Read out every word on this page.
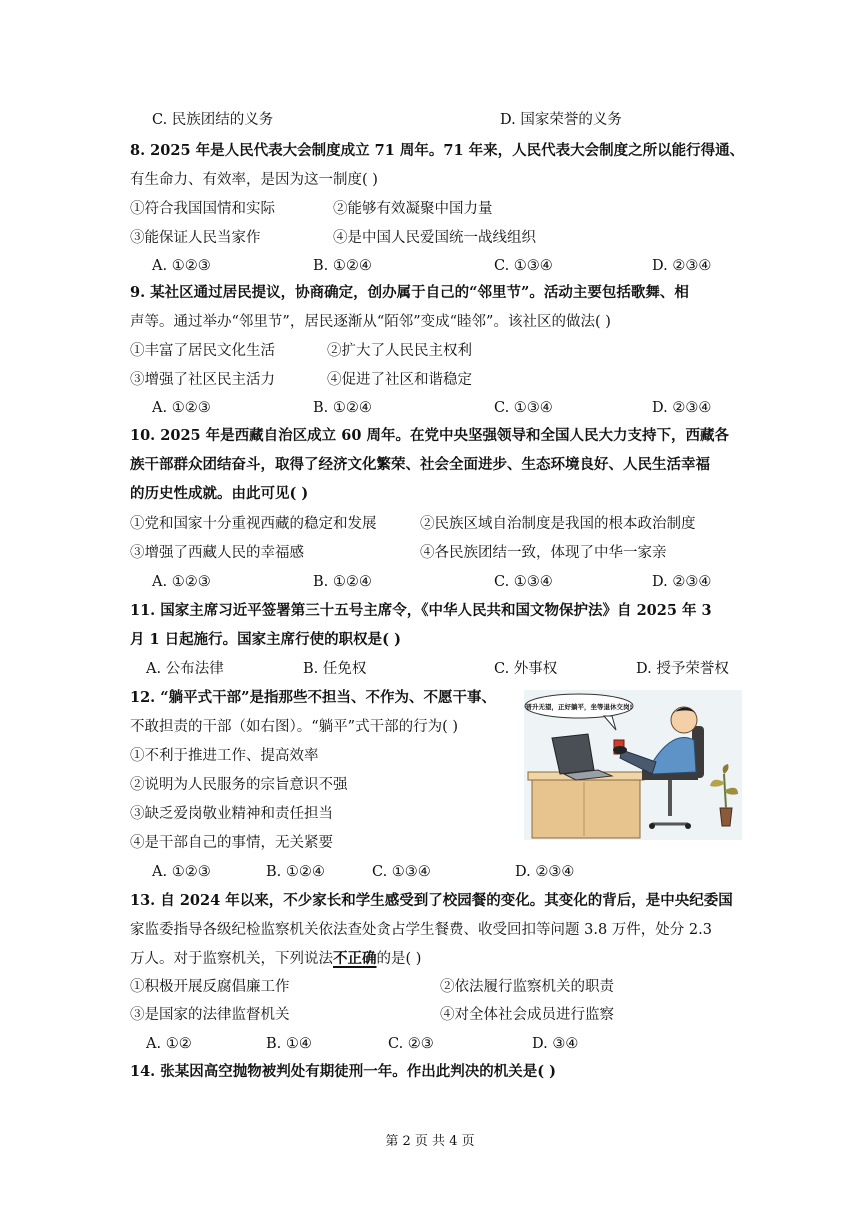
C. 民族团结的义务	D. 国家荣誉的义务
8. 2025 年是人民代表大会制度成立 71 周年。71 年来，人民代表大会制度之所以能行得通、
有生命力、有效率，是因为这一制度( )
①符合我国国情和实际	②能够有效凝聚中国力量
③能保证人民当家作	④是中国人民爱国统一战线组织
A. ①②③	B. ①②④	C. ①③④	D. ②③④
9. 某社区通过居民提议，协商确定，创办属于自己的“邻里节”。活动主要包括歌舞、相
声等。通过举办“邻里节”，居民逐渐从“陌邻”变成“睦邻”。该社区的做法( )
①丰富了居民文化生活	②扩大了人民民主权利
③增强了社区民主活力	④促进了社区和谐稳定
A. ①②③	B. ①②④	C. ①③④	D. ②③④
10. 2025 年是西藏自治区成立 60 周年。在党中央坚强领导和全国人民大力支持下，西藏各
族干部群众团结奋斗，取得了经济文化繁荣、社会全面进步、生态环境良好、人民生活幸福
的历史性成就。由此可见( )
①党和国家十分重视西藏的稳定和发展	②民族区域自治制度是我国的根本政治制度
③增强了西藏人民的幸福感	④各民族团结一致，体现了中华一家亲
A. ①②③	B. ①②④	C. ①③④	D. ②③④
11. 国家主席习近平签署第三十五号主席令，《中华人民共和国文物保护法》自 2025 年 3
月 1 日起施行。国家主席行使的职权是( )
A. 公布法律	B. 任免权	C. 外事权	D. 授予荣誉权
12. “躺平式干部”是指那些不担当、不作为、不愿干事、
不敢担责的干部（如右图）。“躺平”式干部的行为( )
①不利于推进工作、提高效率
②说明为人民服务的宗旨意识不强
③缺乏爱岗敬业精神和责任担当
④是干部自己的事情，无关紧要
A. ①②③	B. ①②④	C. ①③④	D. ②③④
晋升无望，正好躺平，坐等退休交岗!
13. 自 2024 年以来，不少家长和学生感受到了校园餐的变化。其变化的背后，是中央纪委国
家监委指导各级纪检监察机关依法查处贪占学生餐费、收受回扣等问题 3.8 万件，处分 2.3
万人。对于监察机关，下列说法不正确的是( )
①积极开展反腐倡廉工作	②依法履行监察机关的职责
③是国家的法律监督机关	④对全体社会成员进行监察
A. ①②	B. ①④	C. ②③	D. ③④
14. 张某因高空抛物被判处有期徒刑一年。作出此判决的机关是( )
第 2 页 共 4 页
